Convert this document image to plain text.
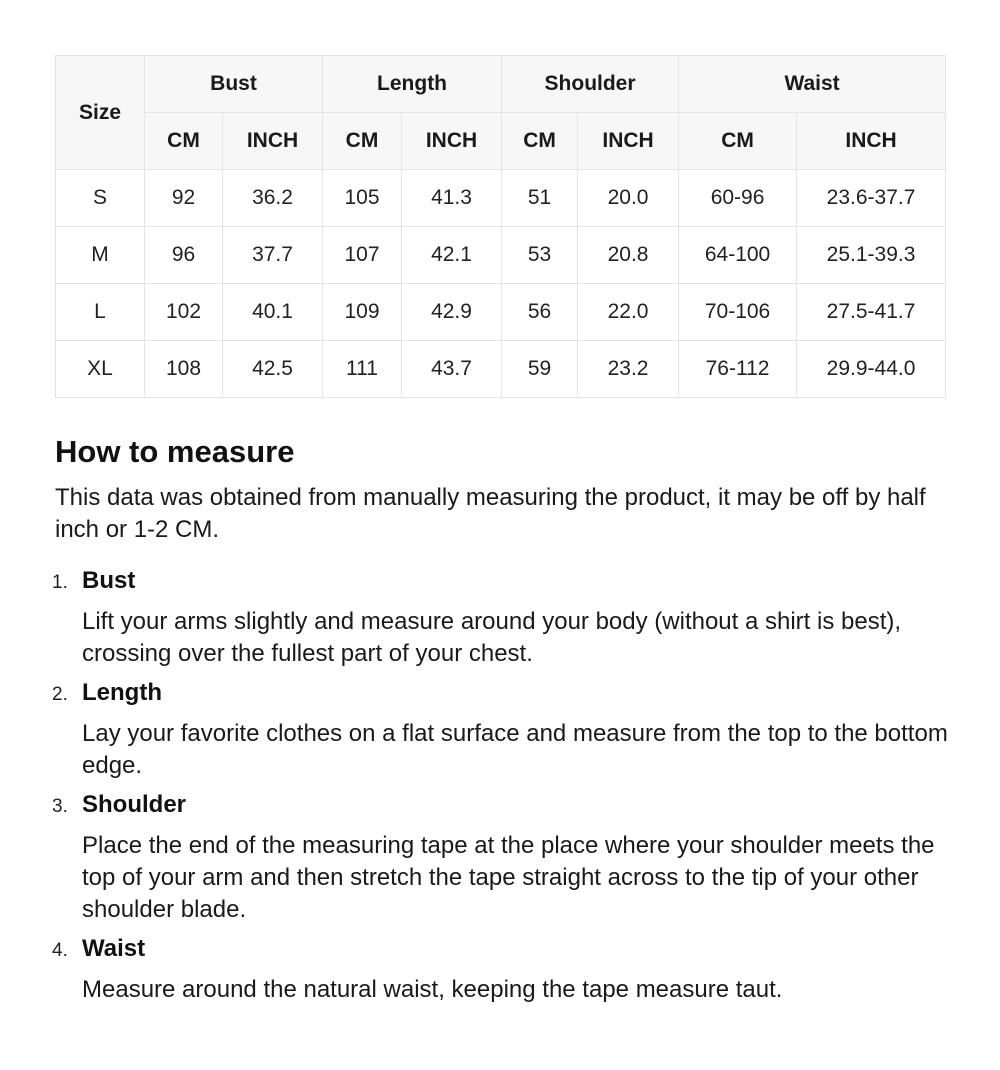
Size	Bust		Length		Shoulder		Waist	
	CM	INCH	CM	INCH	CM	INCH	CM	INCH
S	92	36.2	105	41.3	51	20.0	60-96	23.6-37.7
M	96	37.7	107	42.1	53	20.8	64-100	25.1-39.3
L	102	40.1	109	42.9	56	22.0	70-106	27.5-41.7
XL	108	42.5	111	43.7	59	23.2	76-112	29.9-44.0
How to measure

This data was obtained from manually measuring the product, it may be off by half inch or 1-2 CM.

1. Bust

Lift your arms slightly and measure around your body (without a shirt is best), crossing over the fullest part of your chest.

2. Length

Lay your favorite clothes on a flat surface and measure from the top to the bottom edge.

3. Shoulder

Place the end of the measuring tape at the place where your shoulder meets the top of your arm and then stretch the tape straight across to the tip of your other shoulder blade.

4. Waist

Measure around the natural waist, keeping the tape measure taut.
